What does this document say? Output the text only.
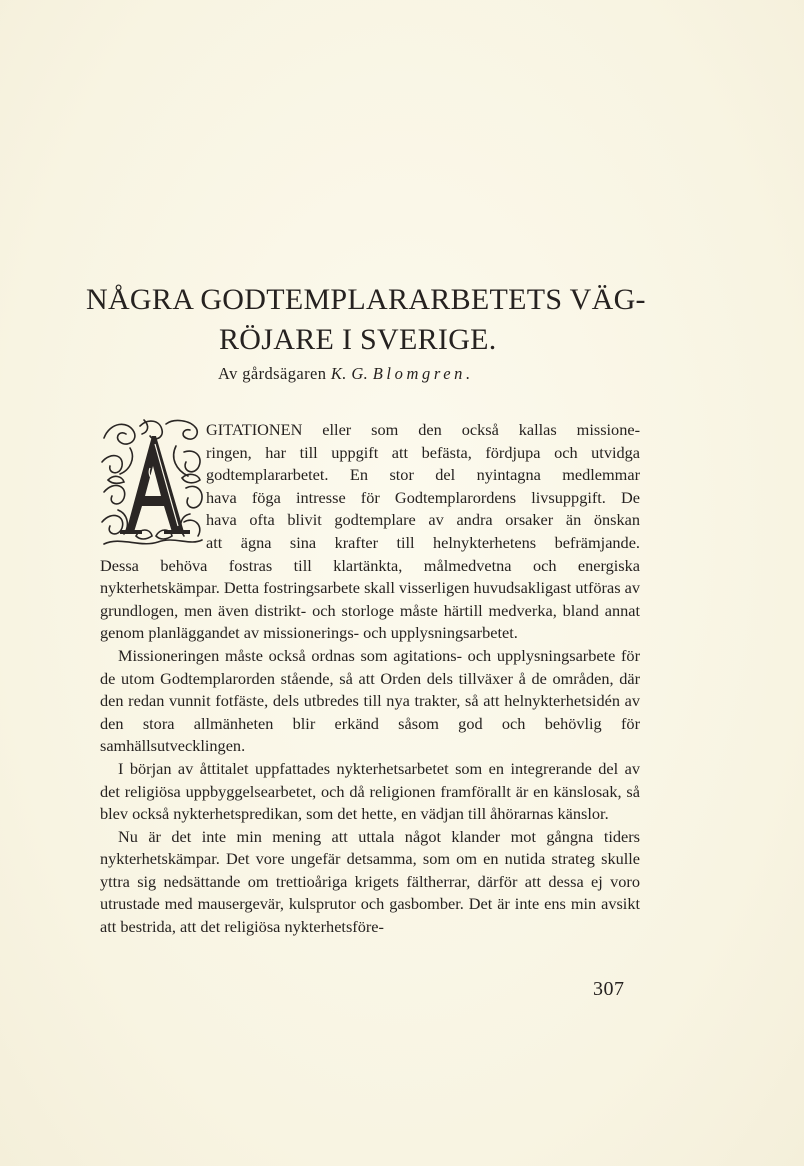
NÅGRA GODTEMPLARARBETETS VÄG-
RÖJARE I SVERIGE.

Av gårdsägaren K. G. Blomgren.

GITATIONEN eller som den också kallas missione-
ringen, har till uppgift att befästa, fördjupa och utvidga
godtemplararbetet. En stor del nyintagna medlemmar
hava föga intresse för Godtemplarordens livsuppgift. De
hava ofta blivit godtemplare av andra orsaker än önskan
att ägna sina krafter till helnykterhetens befrämjande.
Dessa behöva fostras till klartänkta, målmedvetna och energiska nykterhetskämpar. Detta fostringsarbete skall visserligen huvudsakligast utföras av grundlogen, men även distrikt- och storloge måste härtill medverka, bland annat genom planläggandet av missionerings- och upplysningsarbetet.

Missioneringen måste också ordnas som agitations- och upplysningsarbete för de utom Godtemplarorden stående, så att Orden dels tillväxer å de områden, där den redan vunnit fotfäste, dels utbredes till nya trakter, så att helnykterhetsidén av den stora allmänheten blir erkänd såsom god och behövlig för samhällsutvecklingen.

I början av åttitalet uppfattades nykterhetsarbetet som en integrerande del av det religiösa uppbyggelsearbetet, och då religionen framförallt är en känslosak, så blev också nykterhetspredikan, som det hette, en vädjan till åhörarnas känslor.

Nu är det inte min mening att uttala något klander mot gångna tiders nykterhetskämpar. Det vore ungefär detsamma, som om en nutida strateg skulle yttra sig nedsättande om trettioåriga krigets fältherrar, därför att dessa ej voro utrustade med mausergevär, kulsprutor och gasbomber. Det är inte ens min avsikt att bestrida, att det religiösa nykterhetsföre-

307
